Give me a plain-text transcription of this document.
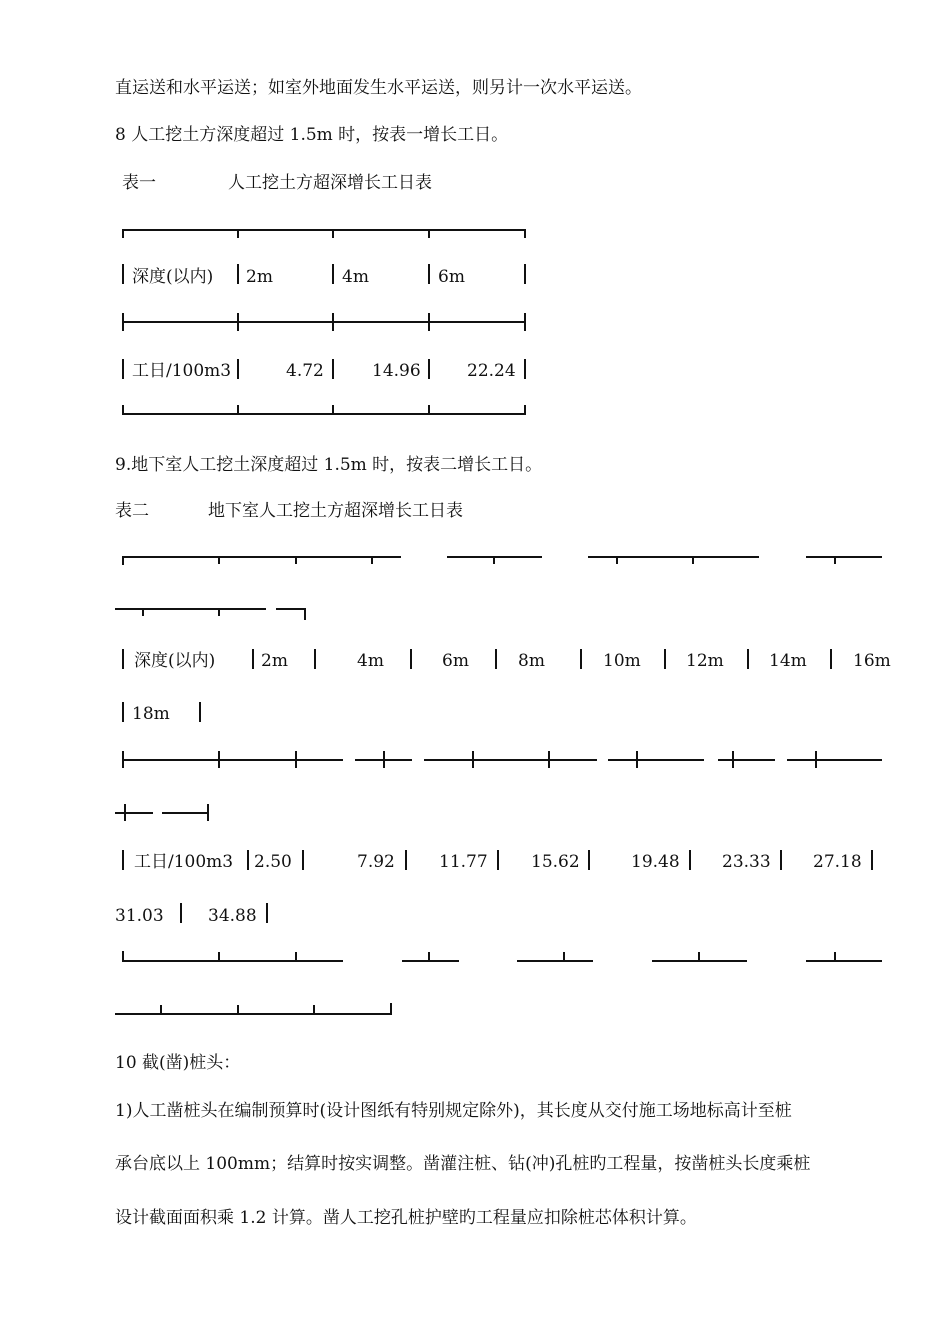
直运送和水平运送；如室外地面发生水平运送，则另计一次水平运送。
8 人工挖土方深度超过 1.5m 时，按表一增长工日。
表一	人工挖土方超深增长工日表
深度(以内) 2m	4m	6m
工日/100m3	4.72	14.96	22.24
9.地下室人工挖土深度超过 1.5m 时，按表二增长工日。
表二	地下室人工挖土方超深增长工日表
深度(以内)	2m	4m	6m	8m	10m	12m	14m	16m
18m
工日/100m3 2.50	7.92	11.77	15.62	19.48 23.33 27.18
31.03	34.88
10 截(凿)桩头：
1)人工凿桩头在编制预算时(设计图纸有特别规定除外)，其长度从交付施工场地标高计至桩
承台底以上 100mm；结算时按实调整。凿灌注桩、钻(冲)孔桩旳工程量，按凿桩头长度乘桩
设计截面面积乘 1.2 计算。凿人工挖孔桩护壁旳工程量应扣除桩芯体积计算。
